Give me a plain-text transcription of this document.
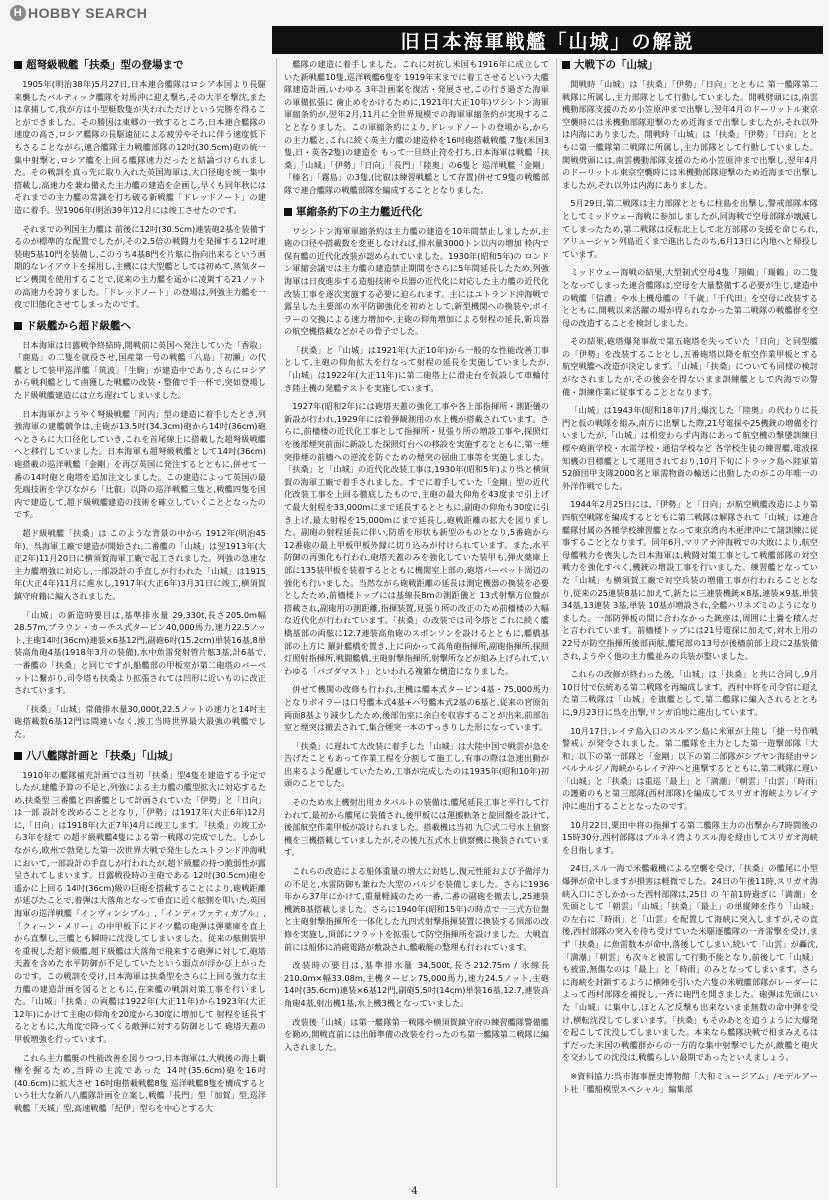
H HOBBY SEARCH
旧日本海軍戦艦「山城」の解説
超弩級戦艦「扶桑」型の登場まで

1905年(明治38年)5月27日,日本連合艦隊はロシア本国より長駆来襲したバルティック艦隊を対馬沖に迎え撃ち,その大半を撃沈,または拿捕して,我が方は小型艇数隻が失われただけという完勝を得ることができました。その勝因は東郷の一致するところ,日本連合艦隊の速度の高さ,ロシア艦隊の長駆遠征による疲労やそれに伴う速度低下もさることながら,連合艦隊主力戦艦部隊の12吋(30.5cm)砲の統一集中射撃と,ロシア艦を上回る艦隊速力だったと結論づけられました。その戦訓を真っ先に取り入れた英国海軍は,大口径砲を統一集中搭載し,高速力を兼ね備えた主力艦の建造を企画し,早くも同年秋にはそれまでの主力艦の常識を打ち破る新戦艦「ドレッドノート」の建造に着手。翌1906年(明治39年)12月には竣工させたのです。

それまでの列国主力艦は 前後に12吋(30.5cm)連装砲2基を装備するのが標準的な配置でしたが,その2.5倍の戦闘力を発揮する12吋連装砲5基10門を装備し,このうち4基8門を片舷に指向出来るという画期的なレイアウトを採用し,主機には大型艦としては初めて,蒸気タービン機関を使用することで,従来の主力艦を遥かに凌駕する21ノットの高速力を誇りました。「ドレッドノート」の登場は,列強主力艦を一夜で旧態化させてしまったのです。

ド級艦から超ド級艦へ

日本海軍は日露戦争終結時,開戦前に英国へ発注していた「香取」「鹿島」の二隻を就役させ,国産第一号の戦艦「八島」「初瀬」の代艦として装甲巡洋艦「筑波」「生駒」が建造中であり,さらにロシアから戦利艦として鹵獲した戦艦の改装・整備で手一杯で,突如登場したド級戦艦建造には立ち遅れてしまいました。

日本海軍がようやく弩級戦艦「河内」型の建造に着手したとき,列強海軍の建艦競争は,主砲が13.5吋(34.3cm)砲から14吋(36cm)砲へとさらに大口径化していき,これを首尾線上に搭載した超弩級戦艦へと移行していました。日本海軍も超弩級戦艦として14吋(36cm)砲搭載の巡洋戦艦「金剛」を再び英国に発注するとともに,併せて一番の14吋砲と砲塔を追加注文しました。この建造によって英国の最先端技術を学びながら「比叡」以降の巡洋戦艦三隻と,戦艦四隻を国内で建造して,超ド級戦艦建造の技術を確立していくこととなったのです。

超ド級戦艦「扶桑」は このような背景の中から 1912年(明治45年)、呉海軍工廠で建造が開始され,二番艦の「山城」は翌1913年(大正2年)11月20日に横須賀海軍工廠で起工されました。列強の急速な主力艦増強に対応し,一部設計の手直しが行われた「山城」は1915年(大正4年)11月に進水し,1917年(大正6年)3月31日に竣工,横須賀鎮守府籍に編入されました。

「山城」の新造時要目は,基準排水量 29,330t,長さ205.0m幅28.57m,ブラウン・カーチス式タービン40,000馬力,速力22.5ノット,主砲14吋(36cm)連装×6基12門,副砲6吋(15.2cm)単装16基,8単装高角砲4基(1918年3月の装備),水中魚雷発射管片舷3基,計6基で,一番艦の「扶桑」と同じですが,船艦部の甲板室が第二砲塔のバーベットに繋がり,司令塔も扶桑より拡張されては凹形に近いものに改正されています。

「扶桑」「山城」常備排水量30,000t,22.5ノットの速力と14吋主砲搭載数6基12門は間違いなく,竣工当時世界最大最強の戦艦でした。

八八艦隊計画と「扶桑」「山城」

1910年の艦隊補充計画では当初「扶桑」型4隻を建造する予定でしたが,建艦予算の不足と,列強による主力艦の艦型拡大に対応するため,扶桑型 三番艦と四番艦として計画されていた「伊勢」と「日向」は一部 設計を改めることとなり,「伊勢」は1917年(大正6年)12月に,「日向」は1918年(大正7年)4月に竣工します。「扶桑」の竣工から3年を経て の超ド級戦艦4隻による第一戦隊の完成でした。しかしながら,欧州で勃発した第一次世界大戦で発生したユトランド沖海戦において,一部設計の手直しが行われたが,超ド級艦の持つ脆弱性が露呈されてしまいます。日露戦役時の主砲である 12吋(30.5cm)砲を遙かに上回る 14吋(36cm)級の巨砲を搭載することにより,砲戦距離が延びたことで,着弾は大落角となって垂直に近く舷側を叩いた,英国海軍の巡洋戦艦「インヴィンシブル」,「インディファティガブル」,「クィーン・メリー」の中甲板下にドイツ艦の砲弾は弾薬庫を直上から直撃し,三艦とも瞬時に沈没してしまいました。従来の舷側装甲を重視した超ド級艦,超ド級艦は大落角で飛来する砲弾に対して,砲塔天蓋を含めた水平防御が不足していたという弱点が浮かび上がったのです。この戦訓を受け,日本海軍は扶桑型をさらに上回る強力な主力艦の建造計画を図るとともに,在来艦の戦訓対策工事を行いました。「山城」「扶桑」の両艦は1922年(大正11年)から1923年(大正12年)にかけて主砲の仰角を20度から30度に増加して 射程を延長するとともに,大角度で降ってくる敵弾に対する防御として 砲塔天蓋の甲板増強を行っています。

これら主力艦艇の性能改善を図りつつ,日本海軍は,大戦後の海上覇権を握るため,当時の主流であった 14吋(35.6cm)砲を16吋(40.6cm)に拡大させ 16吋砲搭載戦艦8隻 巡洋戦艦8隻を構成するという壮大な新八八艦隊計画を立案し,戦艦「長門」型「加賀」型,巡洋戦艦「天城」型,高速戦艦「紀伊」型らを中心とする大

艦隊の建造に着手しました。これに対抗し米国も1916年に成立していた新戦艦10隻,巡洋戦艦6隻を 1919年末までに着工させるという大艦隊建造計画,いわゆる 3年計画案を復活・発展させ,この行き過ぎた海軍の軍備拡張に 歯止めをかけるために,1921年(大正10年)ワシントン海軍軍縮条約が,翌年2月,11月に全世界規模での海軍軍縮条約が実現することとなりました。この軍縮条約により,ドレッドノートの登場から,からの主力艦と,これに続く英主力艦の建造枠を16吋砲搭載戦艦 7隻(米国3隻,日・英各2隻)の建造を もって一旦終止符を打ち,日本海軍は戦艦「扶桑」「山城」「伊勢」「日向」「長門」「陸奥」の6隻と 巡洋戦艦「金剛」「榛名」「霧島」の3隻,(比叡は練習戦艦として存置)併せて9隻の戦艦部隊で連合艦隊の戦艦部隊を編成することとなりました。

軍縮条約下の主力艦近代化

ワシントン海軍軍縮条約は主力艦の建造を10年間禁止しましたが,主砲の口径や搭載数を変更しなければ,排水量3000トン以内の増加 枠内で保有艦の近代化改装が認められていました。1930年(昭和5年)の ロンドン軍縮会議では主力艦の建造禁止期間をさらに5年間延長したため,列強海軍は日夜進歩する造船技術や兵器の近代化に対応した主力艦の近代化改装工事を逐次実施する必要に迫られます。主にはユトランド沖海戦で露呈した主要部の水平防御強化を初めとして,新型機関への換装や,ボイラーの交換による速力増加や,主砲の仰角増加による射程の延長,新兵器の航空機搭載などがその骨子でした。

「扶桑」と「山城」は1921年(大正10年)から一般的な性能改善工事として,主砲の仰角拡大を行なって射程の延長を実施していましたが,「山城」は1922年(大正11年)に第二砲塔上に滑走台を仮設して車輪付き陸上機の発艦テストを実施しています。

1927年(昭和2年)には砲塔天蓋の強化工事や各上部指揮所・測距儀の新設が行われ,1929年には着弾観測用の水上機が搭載されています。さらに,前檣楼の近代化工事として指揮所・見張り所の増設工事や,探照灯を後部煙突前面に新設した探照灯台への移設を実施するとともに,第一煙突排煙の前檣への逆流を防ぐための煙突の屈曲工事等を実施しました。「扶桑」と「山城」の近代化改装工事は,1930年(昭和5年)より呉と横須賀の海軍工廠で着手されました。すでに着手していた「金剛」型の近代化改装工事を上回る徹底したもので,主砲の最大仰角を43度まで引上げて最大射程を33,000mにまで延長するとともに,副砲の仰角も30度に引き上げ,最大射程を15,000mにまで延長し,砲戦距離の拡大を図りました。副砲の射程延長に伴い,防盾を形状も新型のものとなり,5番砲から12番砲の最上甲板甲板外縁に切り込みが付けられています。また,水平防御の再強化も行われ,砲塔天蓋のみを強化していた装甲も,弾火薬庫上部に135装甲板を装着するとともに機関室上部の,砲塔バーベット周辺の強化も行いました。当然ながら砲戦距離の延長は測定機器の換装を必要としたため,前檣楼トップには基線長8mの測距儀と 13式射撃方位盤が搭載され,副砲用の測距離,指揮装置,見張り所の改正のため前檣楼の大幅な近代化が行われています。「扶桑」の改装では司令塔とこれに続く艦橋基部の両舷に12.7連装高角砲のスポンソンを設けるとともに,艦橋基部の上方に 羅針艦橋を置き,上に向かって高角砲指揮所,副砲指揮所,探照灯照射指揮所,戦闘艦橋,主砲射撃指揮所,射撃所などが組み上げられて,いわゆる「パゴダマスト」といわれる複雑な構造になりました。

併せて機関の改修も行われ,主機は艦本式タービン4基・75,000馬力となりボイラーは口号艦本式4基+ハ号艦本式2基の6基と,従来の宮原缶両面8基より減少したため,後部缶室に余白を収容することが出来,前部缶室と煙突は撤去されて,集合煙突一本のすっきりした形になっています。

「扶桑」に遅れて大改装に着手した「山城」は大陸中国で戦雲が急を告げたこともあって作業工程を分割して施工し,有事の際は急速出動が 出来るよう配慮していたため,工事が完成したのは1935年(昭和10年)初頭のことでした。

そのため水上機射出用カタパルトの装備は,艦尾延長工事と平行して行われて,最初から艦尾に装備され,後甲板には運搬軌条と旋回盤を設けて,後部航空作業甲板が設けられました。搭載機は当初 九〇式二号水上偵察機を三機搭載していましたが,その後九五式水上偵察機に換装されています。

これらの改造による船体重量の増大に対処し,復元性能および予備浮力の不足と,水雷防御も兼ねた大型のバルジを装備しました。さらに1936年から37年にかけて,重量軽減のため一番,二番の副砲を撤去し,25連装機銃8基搭載しました。さらに1940年(昭和15年)の時点で一三式方位盤と主砲射撃指揮所を一体化した九四式射撃指揮装置に換装する頂部の改修を実施し,頂部にフラットを拡張して防空指揮所を設けました。大戦直前には船体に消磁電路が敷設され,艦載艇の整理も行われています。

改装時の要目は,基準排水量 34,500t,長さ212.75m / 水線長210.0m×幅33.08m,主機タービン75,000馬力,速力24.5ノット,主砲14吋(35.6cm)連装×6基12門,副砲5.5吋(14cm)単装16基,12.7,連装高角砲4基,射出機1基,水上機3機となっていました。

改装後「山城」は第一艦隊第一戦隊や横須賀鎮守府の練習艦隊警備艦を勤め,開戦直前には出師準備の改装を行ったのち第一艦隊第二戦隊に編入されました。

大戦下の「山城」

開戦時「山城」は「扶桑」「伊勢」「日向」とともに 第一艦隊第二戦隊に所属し,主力部隊として行動していました。開戦劈頭には,南雲機動部隊支援のため小笠原沖まで出撃し,翌年4月のドーリットル東京空襲時には米機動部隊迎撃のため近海まで出撃しましたが,それ以外は内海にありました。開戦時「山城」は「扶桑」「伊勢」「日向」とともに第一艦隊第二戦隊に所属し,主力部隊として行動していました。開戦劈頭には,南雲機動部隊支援のため小笠原沖まで出撃し,翌年4月のドーリットル東京空襲時には米機動部隊迎撃のため近海まで出撃しましたが,それ以外は内海にありました。

5月29日,第二戦隊は主力部隊とともに柱島を出撃し,警戒部隊本隊としてミッドウェー海戦に参加しましたが,同海戦で空母部隊が壊滅してしまったため,第二戦隊は反転北上して北方部隊の支援を命じられ,アリューシャン列島近くまで進出したのち,6月13日に内地へと帰投しています。

ミッドウェー海戦の結果,大型制式空母4隻「翔鶴」「瑞鶴」の二隻となってしまった連合艦隊は,空母を大量整備する必要が生じ,建造中の戦艦「信濃」や水上機母艦の「千歳」「千代田」を空母に改装するとともに,開戦以来活躍の場が得られなかった第二戦隊の戦艦群を空母の改造することを検討しました。

その結果,砲塔爆発事故で第五砲塔を失っていた「日向」と同型艦の「伊勢」を改装することとし,五番砲塔以降を航空作業甲板とする航空戦艦へ改造が決定します。「山城」「扶桑」についても同様の検討がなされましたが,その後会を得ないまま訓練艦として内海での警備・訓練作業に従事することとなります。

「山城」は1943年(昭和18年)7月,爆沈した「陸奥」の代わりに長門と仮の戦隊を組み,南方に出撃した際,21号電探や25機銃の増備を行いましたが,「山城」は相変わらず内海にあって航空機の撃墜訓練目標や砲術学校・水雷学校・通信学校など 各学校生徒の練習艦,電波探知機の目標艦として運用されており,10月下旬にトラック島へ陸軍第52師団甲支隊2000名と軍需物資の輸送に出動したのがこの年唯一の外洋作戦でした。

1944年2月25日には,「伊勢」と「日向」が航空戦艦改造により第四航空戦隊を編成するとともに第二戦隊は解隊されて「山城」は連合艦隊付属の各種学校練習艦となって東京湾内木更津沖にて諸訓練に従事することとなります。同年6月,マリアナ沖海戦での大敗により,航空母艦戦力を喪失した日本海軍は,戦闘対策工事として戦艦部隊の対空戦力を強化すべく,機銃の増設工事を行いました。練習艦となっていた「山城」も横須賀工廠で対空兵装の増備工事が行われることとなり,従来の25連装8基に加えて,新たに三連装機銃×8基,連装×9基,単装34基,13連装 3基,単装 10基が増設され,全艦ハリネズミのようになりました。一部防弾板の間に合わなかった銃座は,周囲に土嚢を積んだと言われています。前檣楼トップには21号電探に加えて,対水上用の22号が防空指揮所後部両舷,艦尾部の13号が後檣前部上段に2基装備され,ようやく他の主力艦並みの兵装が整いました。

これらの改修が終わった後,「山城」は「扶桑」と共に合同し,9月10日付で伝統ある第二戦隊を再編成します。西村中将を司令官に迎えた第二戦隊は「山城」を旗艦として,第二艦隊に編入されるとともに,9月23日に呉を出撃,リンガ泊地に進出しています。

10月17日,レイテ島入口のスルアン島に米軍が上陸し「捷一号作戦警戒」が発令されました。第二艦隊を主力とした第一遊撃部隊「大和」以下の第一部隊と「金剛」以下の第二部隊がシブヤン海経由サンベルナルジノ海峡からレイテ沖へと進撃するとともに,第二戦隊に遅い「山城」と「扶桑」は重巡「最上」と「満潮」「朝雲」「山雲」「時雨」の護衛のもと第三部隊(西村部隊)を編成してスリガオ海峡よりレイテ沖に進出することとなったのです。

10月22日,栗田中将の指揮する第二艦隊主力の出撃から7時間後の15時30分,西村部隊はブルネイ湾よりスル海を経由してスリガオ海峡を目指します。

24日,スル一海で米艦載機による空襲を受け,「扶桑」の艦尾に小型爆弾が命中しますが損害は軽微でした。24日の午後11時,スリガオ海峡入口にさしかかった西村部隊は,25日 の 午前1時過ぎに「満潮」を先頭として「朝雲」「山城」「扶桑」「最上」の単縦陣を作り「山城」の左右に「時雨」と「山雲」を配置して海峡に突入しますが,その直後,西村部隊の突入を待ち受けていた米駆逐艦隊の一斉雷撃を受け,まず「扶桑」に魚雷数本が命中,落後してしまい,続いて「山雲」が轟沈,「満潮」「朝雲」も次々と被雷して行動不能となり,前後して「山城」も被雷,無傷なのは「最上」と「時雨」のみとなってしまいます。さらに海峡を封鎖するように横陣を引いた六隻の米戦艦部隊がレーダーによって西村部隊を補捉し,一斉に砲門を開きました。砲弾は先頭にいた「山城」に集中し,ほとんど反撃も出来ないまま無数の命中弾を受け,横転沈没してしまいます。「扶桑」もそのあとを追うように大爆発を起こして沈没してしまいました。本来なら艦隊決戦で相まみえるはずだった米国の戦艦群からの一方的な集中射撃でしたが,敵艦と砲火を交わしての沈没は,戦艦らしい最期であったといえましょう。

※資料協力:呉市海事歴史博物館「大和ミュージアム」/モデルアート社「艦船模型スペシャル」編集部

4
